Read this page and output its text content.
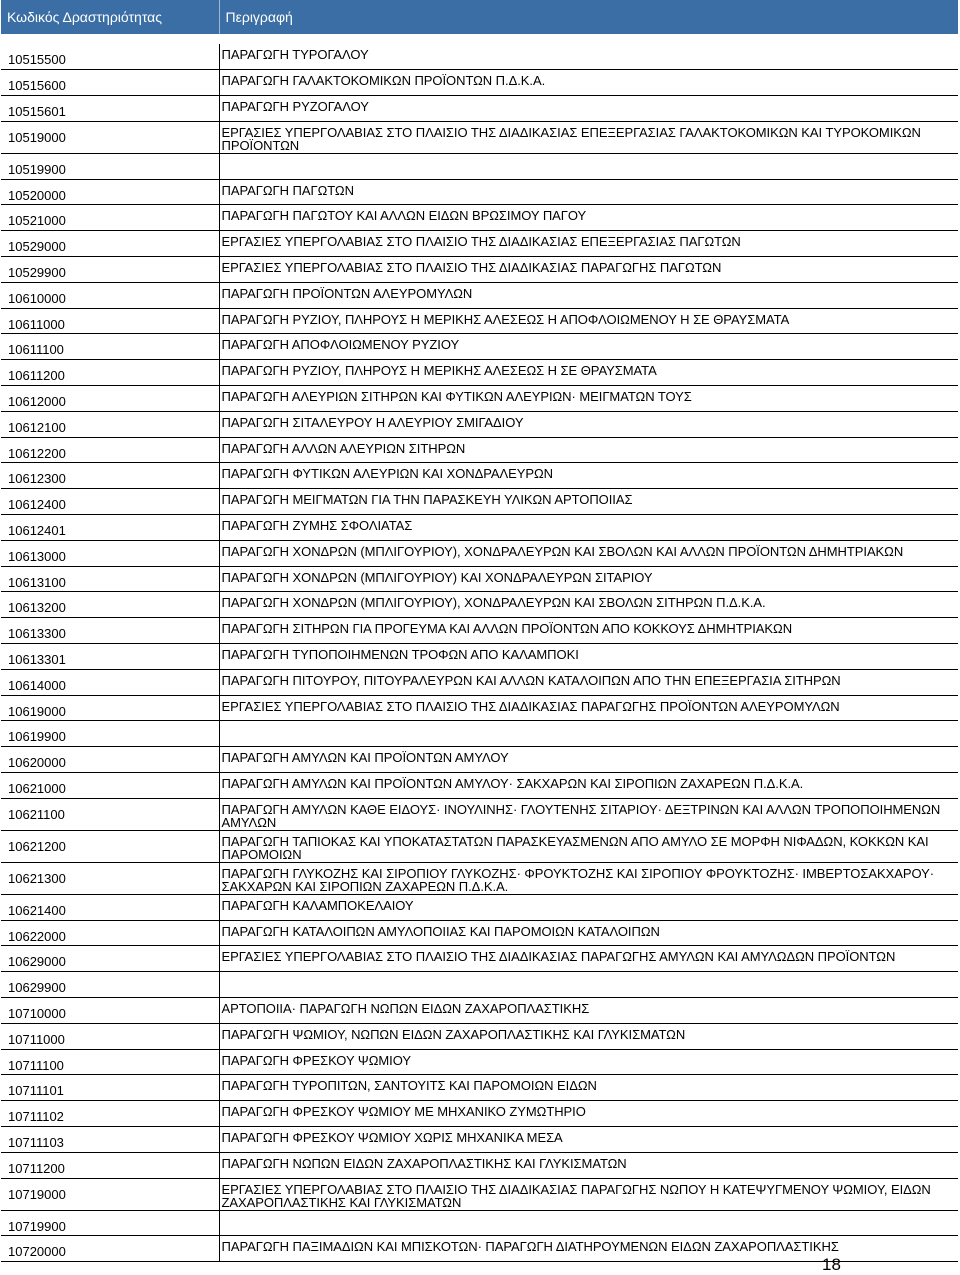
Κωδικός Δραστηριότητας	Περιγραφή

10515500	ΠΑΡΑΓΩΓΗ ΤΥΡΟΓΑΛΟΥ
10515600	ΠΑΡΑΓΩΓΗ ΓΑΛΑΚΤΟΚΟΜΙΚΩΝ ΠΡΟΪΟΝΤΩΝ Π.Δ.Κ.Α.
10515601	ΠΑΡΑΓΩΓΗ ΡΥΖΟΓΑΛΟΥ
10519000	ΕΡΓΑΣΙΕΣ ΥΠΕΡΓΟΛΑΒΙΑΣ ΣΤΟ ΠΛΑΙΣΙΟ ΤΗΣ ΔΙΑΔΙΚΑΣΙΑΣ ΕΠΕΞΕΡΓΑΣΙΑΣ ΓΑΛΑΚΤΟΚΟΜΙΚΩΝ ΚΑΙ ΤΥΡΟΚΟΜΙΚΩΝ ΠΡΟΪΟΝΤΩΝ
10519900	
10520000	ΠΑΡΑΓΩΓΗ ΠΑΓΩΤΩΝ
10521000	ΠΑΡΑΓΩΓΗ ΠΑΓΩΤΟΥ ΚΑΙ ΑΛΛΩΝ ΕΙΔΩΝ ΒΡΩΣΙΜΟΥ ΠΑΓΟΥ
10529000	ΕΡΓΑΣΙΕΣ ΥΠΕΡΓΟΛΑΒΙΑΣ ΣΤΟ ΠΛΑΙΣΙΟ ΤΗΣ ΔΙΑΔΙΚΑΣΙΑΣ ΕΠΕΞΕΡΓΑΣΙΑΣ ΠΑΓΩΤΩΝ
10529900	ΕΡΓΑΣΙΕΣ ΥΠΕΡΓΟΛΑΒΙΑΣ ΣΤΟ ΠΛΑΙΣΙΟ ΤΗΣ ΔΙΑΔΙΚΑΣΙΑΣ ΠΑΡΑΓΩΓΗΣ ΠΑΓΩΤΩΝ
10610000	ΠΑΡΑΓΩΓΗ ΠΡΟΪΟΝΤΩΝ ΑΛΕΥΡΟΜΥΛΩΝ
10611000	ΠΑΡΑΓΩΓΗ ΡΥΖΙΟΥ, ΠΛΗΡΟΥΣ Η ΜΕΡΙΚΗΣ ΑΛΕΣΕΩΣ Η ΑΠΟΦΛΟΙΩΜΕΝΟΥ Η ΣΕ ΘΡΑΥΣΜΑΤΑ
10611100	ΠΑΡΑΓΩΓΗ ΑΠΟΦΛΟΙΩΜΕΝΟΥ ΡΥΖΙΟΥ
10611200	ΠΑΡΑΓΩΓΗ ΡΥΖΙΟΥ, ΠΛΗΡΟΥΣ Η ΜΕΡΙΚΗΣ ΑΛΕΣΕΩΣ Η ΣΕ ΘΡΑΥΣΜΑΤΑ
10612000	ΠΑΡΑΓΩΓΗ ΑΛΕΥΡΙΩΝ ΣΙΤΗΡΩΝ ΚΑΙ ΦΥΤΙΚΩΝ ΑΛΕΥΡΙΩΝ· ΜΕΙΓΜΑΤΩΝ ΤΟΥΣ
10612100	ΠΑΡΑΓΩΓΗ ΣΙΤΑΛΕΥΡΟΥ Η ΑΛΕΥΡΙΟΥ ΣΜΙΓΑΔΙΟΥ
10612200	ΠΑΡΑΓΩΓΗ ΑΛΛΩΝ ΑΛΕΥΡΙΩΝ ΣΙΤΗΡΩΝ
10612300	ΠΑΡΑΓΩΓΗ ΦΥΤΙΚΩΝ ΑΛΕΥΡΙΩΝ ΚΑΙ ΧΟΝΔΡΑΛΕΥΡΩΝ
10612400	ΠΑΡΑΓΩΓΗ ΜΕΙΓΜΑΤΩΝ ΓΙΑ ΤΗΝ ΠΑΡΑΣΚΕΥΗ ΥΛΙΚΩΝ ΑΡΤΟΠΟΙΙΑΣ
10612401	ΠΑΡΑΓΩΓΗ ΖΥΜΗΣ ΣΦΟΛΙΑΤΑΣ
10613000	ΠΑΡΑΓΩΓΗ ΧΟΝΔΡΩΝ (ΜΠΛΙΓΟΥΡΙΟΥ), ΧΟΝΔΡΑΛΕΥΡΩΝ ΚΑΙ ΣΒΟΛΩΝ ΚΑΙ ΑΛΛΩΝ ΠΡΟΪΟΝΤΩΝ ΔΗΜΗΤΡΙΑΚΩΝ
10613100	ΠΑΡΑΓΩΓΗ ΧΟΝΔΡΩΝ (ΜΠΛΙΓΟΥΡΙΟΥ) ΚΑΙ ΧΟΝΔΡΑΛΕΥΡΩΝ ΣΙΤΑΡΙΟΥ
10613200	ΠΑΡΑΓΩΓΗ ΧΟΝΔΡΩΝ (ΜΠΛΙΓΟΥΡΙΟΥ), ΧΟΝΔΡΑΛΕΥΡΩΝ ΚΑΙ ΣΒΟΛΩΝ ΣΙΤΗΡΩΝ Π.Δ.Κ.Α.
10613300	ΠΑΡΑΓΩΓΗ ΣΙΤΗΡΩΝ ΓΙΑ ΠΡΟΓΕΥΜΑ ΚΑΙ ΑΛΛΩΝ ΠΡΟΪΟΝΤΩΝ ΑΠΟ ΚΟΚΚΟΥΣ ΔΗΜΗΤΡΙΑΚΩΝ
10613301	ΠΑΡΑΓΩΓΗ ΤΥΠΟΠΟΙΗΜΕΝΩΝ ΤΡΟΦΩΝ ΑΠΟ ΚΑΛΑΜΠΟΚΙ
10614000	ΠΑΡΑΓΩΓΗ ΠΙΤΟΥΡΟΥ, ΠΙΤΟΥΡΑΛΕΥΡΩΝ ΚΑΙ ΑΛΛΩΝ ΚΑΤΑΛΟΙΠΩΝ ΑΠΟ ΤΗΝ ΕΠΕΞΕΡΓΑΣΙΑ ΣΙΤΗΡΩΝ
10619000	ΕΡΓΑΣΙΕΣ ΥΠΕΡΓΟΛΑΒΙΑΣ ΣΤΟ ΠΛΑΙΣΙΟ ΤΗΣ ΔΙΑΔΙΚΑΣΙΑΣ ΠΑΡΑΓΩΓΗΣ ΠΡΟΪΟΝΤΩΝ ΑΛΕΥΡΟΜΥΛΩΝ
10619900	
10620000	ΠΑΡΑΓΩΓΗ ΑΜΥΛΩΝ ΚΑΙ ΠΡΟΪΟΝΤΩΝ ΑΜΥΛΟΥ
10621000	ΠΑΡΑΓΩΓΗ ΑΜΥΛΩΝ ΚΑΙ ΠΡΟΪΟΝΤΩΝ ΑΜΥΛΟΥ· ΣΑΚΧΑΡΩΝ ΚΑΙ ΣΙΡΟΠΙΩΝ ΖΑΧΑΡΕΩΝ Π.Δ.Κ.Α.
10621100	ΠΑΡΑΓΩΓΗ ΑΜΥΛΩΝ ΚΑΘΕ ΕΙΔΟΥΣ· ΙΝΟΥΛΙΝΗΣ· ΓΛΟΥΤΕΝΗΣ ΣΙΤΑΡΙΟΥ· ΔΕΞΤΡΙΝΩΝ ΚΑΙ ΑΛΛΩΝ ΤΡΟΠΟΠΟΙΗΜΕΝΩΝ ΑΜΥΛΩΝ
10621200	ΠΑΡΑΓΩΓΗ ΤΑΠΙΟΚΑΣ ΚΑΙ ΥΠΟΚΑΤΑΣΤΑΤΩΝ ΠΑΡΑΣΚΕΥΑΣΜΕΝΩΝ ΑΠΟ ΑΜΥΛΟ ΣΕ ΜΟΡΦΗ ΝΙΦΑΔΩΝ, ΚΟΚΚΩΝ ΚΑΙ ΠΑΡΟΜΟΙΩΝ
10621300	ΠΑΡΑΓΩΓΗ ΓΛΥΚΟΖΗΣ ΚΑΙ ΣΙΡΟΠΙΟΥ ΓΛΥΚΟΖΗΣ· ΦΡΟΥΚΤΟΖΗΣ ΚΑΙ ΣΙΡΟΠΙΟΥ ΦΡΟΥΚΤΟΖΗΣ· ΙΜΒΕΡΤΟΣΑΚΧΑΡΟΥ· ΣΑΚΧΑΡΩΝ ΚΑΙ ΣΙΡΟΠΙΩΝ ΖΑΧΑΡΕΩΝ Π.Δ.Κ.Α.
10621400	ΠΑΡΑΓΩΓΗ ΚΑΛΑΜΠΟΚΕΛΑΙΟΥ
10622000	ΠΑΡΑΓΩΓΗ ΚΑΤΑΛΟΙΠΩΝ ΑΜΥΛΟΠΟΙΙΑΣ ΚΑΙ ΠΑΡΟΜΟΙΩΝ ΚΑΤΑΛΟΙΠΩΝ
10629000	ΕΡΓΑΣΙΕΣ ΥΠΕΡΓΟΛΑΒΙΑΣ ΣΤΟ ΠΛΑΙΣΙΟ ΤΗΣ ΔΙΑΔΙΚΑΣΙΑΣ ΠΑΡΑΓΩΓΗΣ ΑΜΥΛΩΝ ΚΑΙ ΑΜΥΛΩΔΩΝ ΠΡΟΪΟΝΤΩΝ
10629900	
10710000	ΑΡΤΟΠΟΙΙΑ· ΠΑΡΑΓΩΓΗ ΝΩΠΩΝ ΕΙΔΩΝ ΖΑΧΑΡΟΠΛΑΣΤΙΚΗΣ
10711000	ΠΑΡΑΓΩΓΗ ΨΩΜΙΟΥ, ΝΩΠΩΝ ΕΙΔΩΝ ΖΑΧΑΡΟΠΛΑΣΤΙΚΗΣ ΚΑΙ ΓΛΥΚΙΣΜΑΤΩΝ
10711100	ΠΑΡΑΓΩΓΗ ΦΡΕΣΚΟΥ ΨΩΜΙΟΥ
10711101	ΠΑΡΑΓΩΓΗ ΤΥΡΟΠΙΤΩΝ, ΣΑΝΤΟΥΙΤΣ ΚΑΙ ΠΑΡΟΜΟΙΩΝ ΕΙΔΩΝ
10711102	ΠΑΡΑΓΩΓΗ ΦΡΕΣΚΟΥ ΨΩΜΙΟΥ ΜΕ ΜΗΧΑΝΙΚΟ ΖΥΜΩΤΗΡΙΟ
10711103	ΠΑΡΑΓΩΓΗ ΦΡΕΣΚΟΥ ΨΩΜΙΟΥ ΧΩΡΙΣ ΜΗΧΑΝΙΚΑ ΜΕΣΑ
10711200	ΠΑΡΑΓΩΓΗ ΝΩΠΩΝ ΕΙΔΩΝ ΖΑΧΑΡΟΠΛΑΣΤΙΚΗΣ ΚΑΙ ΓΛΥΚΙΣΜΑΤΩΝ
10719000	ΕΡΓΑΣΙΕΣ ΥΠΕΡΓΟΛΑΒΙΑΣ ΣΤΟ ΠΛΑΙΣΙΟ ΤΗΣ ΔΙΑΔΙΚΑΣΙΑΣ ΠΑΡΑΓΩΓΗΣ ΝΩΠΟΥ Η ΚΑΤΕΨΥΓΜΕΝΟΥ ΨΩΜΙΟΥ, ΕΙΔΩΝ ΖΑΧΑΡΟΠΛΑΣΤΙΚΗΣ ΚΑΙ ΓΛΥΚΙΣΜΑΤΩΝ
10719900	
10720000	ΠΑΡΑΓΩΓΗ ΠΑΞΙΜΑΔΙΩΝ ΚΑΙ ΜΠΙΣΚΟΤΩΝ· ΠΑΡΑΓΩΓΗ ΔΙΑΤΗΡΟΥΜΕΝΩΝ ΕΙΔΩΝ ΖΑΧΑΡΟΠΛΑΣΤΙΚΗΣ
18
